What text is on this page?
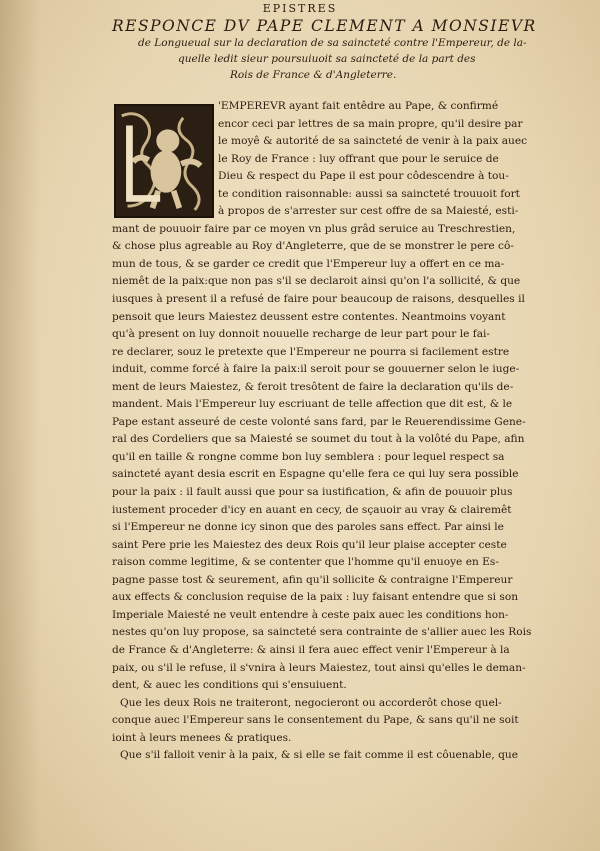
EPISTRES
RESPONCE DV PAPE CLEMENT A MONSIEVR
de Longueual sur la declaration de sa saincteté contre l'Empereur, de la-
quelle ledit sieur poursuiuoit sa saincteté de la part des
Rois de France & d'Angleterre.
'EMPEREVR ayant fait entêdre au Pape, & confirmé
encor ceci par lettres de sa main propre, qu'il desire par
le moyê & autorité de sa saincteté de venir à la paix auec
le Roy de France : luy offrant que pour le seruice de
Dieu & respect du Pape il est pour côdescendre à tou-
te condition raisonnable: aussi sa saincteté trouuoit fort
à propos de s'arrester sur cest offre de sa Maiesté, esti-
mant de pouuoir faire par ce moyen vn plus grâd seruice au Treschrestien,
& chose plus agreable au Roy d'Angleterre, que de se monstrer le pere cô-
mun de tous, & se garder ce credit que l'Empereur luy a offert en ce ma-
niemêt de la paix:que non pas s'il se declaroit ainsi qu'on l'a sollicité, & que
iusques à present il a refusé de faire pour beaucoup de raisons, desquelles il
pensoit que leurs Maiestez deussent estre contentes. Neantmoins voyant
qu'à present on luy donnoit nouuelle recharge de leur part pour le fai-
re declarer, souz le pretexte que l'Empereur ne pourra si facilement estre
induit, comme forcé à faire la paix:il seroit pour se gouuerner selon le iuge-
ment de leurs Maiestez, & feroit tresôtent de faire la declaration qu'ils de-
mandent. Mais l'Empereur luy escriuant de telle affection que dit est, & le
Pape estant asseuré de ceste volonté sans fard, par le Reuerendissime Gene-
ral des Cordeliers que sa Maiesté se soumet du tout à la volôté du Pape, afin
qu'il en taille & rongne comme bon luy semblera : pour lequel respect sa
saincteté ayant desia escrit en Espagne qu'elle fera ce qui luy sera possible
pour la paix : il fault aussi que pour sa iustification, & afin de pouuoir plus
iustement proceder d'icy en auant en cecy, de sçauoir au vray & clairemêt
si l'Empereur ne donne icy sinon que des paroles sans effect. Par ainsi le
saint Pere prie les Maiestez des deux Rois qu'il leur plaise accepter ceste
raison comme legitime, & se contenter que l'homme qu'il enuoye en Es-
pagne passe tost & seurement, afin qu'il sollicite & contraigne l'Empereur
aux effects & conclusion requise de la paix : luy faisant entendre que si son
Imperiale Maiesté ne veult entendre à ceste paix auec les conditions hon-
nestes qu'on luy propose, sa saincteté sera contrainte de s'allier auec les Rois
de France & d'Angleterre: & ainsi il fera auec effect venir l'Empereur à la
paix, ou s'il le refuse, il s'vnira à leurs Maiestez, tout ainsi qu'elles le deman-
dent, & auec les conditions qui s'ensuiuent.
Que les deux Rois ne traiteront, negocieront ou accorderôt chose quel-
conque auec l'Empereur sans le consentement du Pape, & sans qu'il ne soit
ioint à leurs menees & pratiques.
Que s'il falloit venir à la paix, & si elle se fait comme il est côuenable, que
